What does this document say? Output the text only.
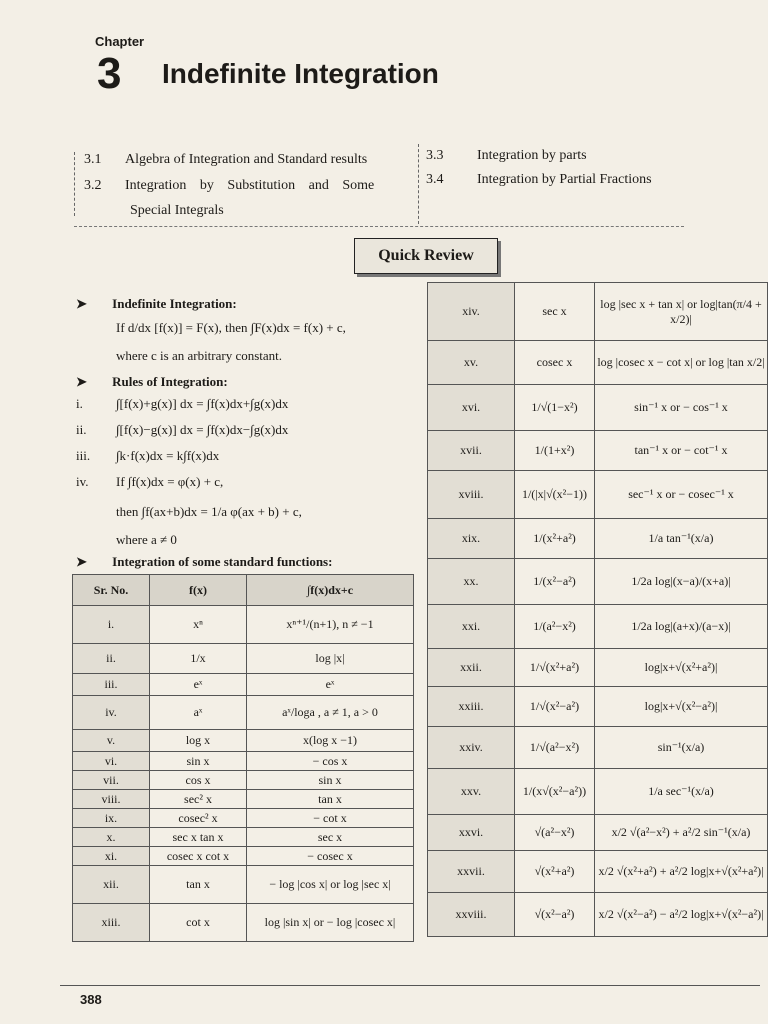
Chapter
3 Indefinite Integration
3.1 Algebra of Integration and Standard results
3.2 Integration by Substitution and Some
Special Integrals
3.3 Integration by parts
3.4 Integration by Partial Fractions
Quick Review
➤ Indefinite Integration:
If d/dx [f(x)] = F(x), then ∫F(x)dx = f(x) + c,
where c is an arbitrary constant.
➤ Rules of Integration:
i.	∫[f(x)+g(x)] dx = ∫f(x)dx+∫g(x)dx
ii. ∫[f(x)−g(x)] dx = ∫f(x)dx−∫g(x)dx
iii. ∫k·f(x)dx = k∫f(x)dx
iv. If ∫f(x)dx = φ(x) + c,
then ∫f(ax+b)dx = 1/a φ(ax + b) + c,
where a ≠ 0
➤ Integration of some standard functions:
Sr. No.	f(x)	∫f(x)dx+c
i.	xⁿ	xⁿ⁺¹/(n+1), n ≠ −1
ii.	1/x	log |x|
iii.	eˣ	eˣ
iv.	aˣ	aˣ/loga , a ≠ 1, a > 0
v.	log x	x(log x −1)
vi.	sin x	− cos x
vii.	cos x	sin x
viii.	sec² x	tan x
ix.	cosec² x	− cot x
x.	sec x tan x	sec x
xi.	cosec x cot x	− cosec x
xii.	tan x	− log |cos x| or log |sec x|
xiii.	cot x	log |sin x| or − log |cosec x|
xiv.	sec x	log |sec x + tan x| or log|tan(π/4 + x/2)|
xv.	cosec x	log |cosec x − cot x| or log |tan x/2|
xvi.	1/√(1−x²)	sin⁻¹ x or − cos⁻¹ x
xvii.	1/(1+x²)	tan⁻¹ x or − cot⁻¹ x
xviii.	1/(|x|√(x²−1))	sec⁻¹ x or − cosec⁻¹ x
xix.	1/(x²+a²)	1/a tan⁻¹(x/a)
xx.	1/(x²−a²)	1/2a log|(x−a)/(x+a)|
xxi.	1/(a²−x²)	1/2a log|(a+x)/(a−x)|
xxii.	1/√(x²+a²)	log|x+√(x²+a²)|
xxiii.	1/√(x²−a²)	log|x+√(x²−a²)|
xxiv.	1/√(a²−x²)	sin⁻¹(x/a)
xxv.	1/(x√(x²−a²))	1/a sec⁻¹(x/a)
xxvi.	√(a²−x²)	x/2 √(a²−x²) + a²/2 sin⁻¹(x/a)
xxvii.	√(x²+a²)	x/2 √(x²+a²) + a²/2 log|x+√(x²+a²)|
xxviii.	√(x²−a²)	x/2 √(x²−a²) − a²/2 log|x+√(x²−a²)|
388
